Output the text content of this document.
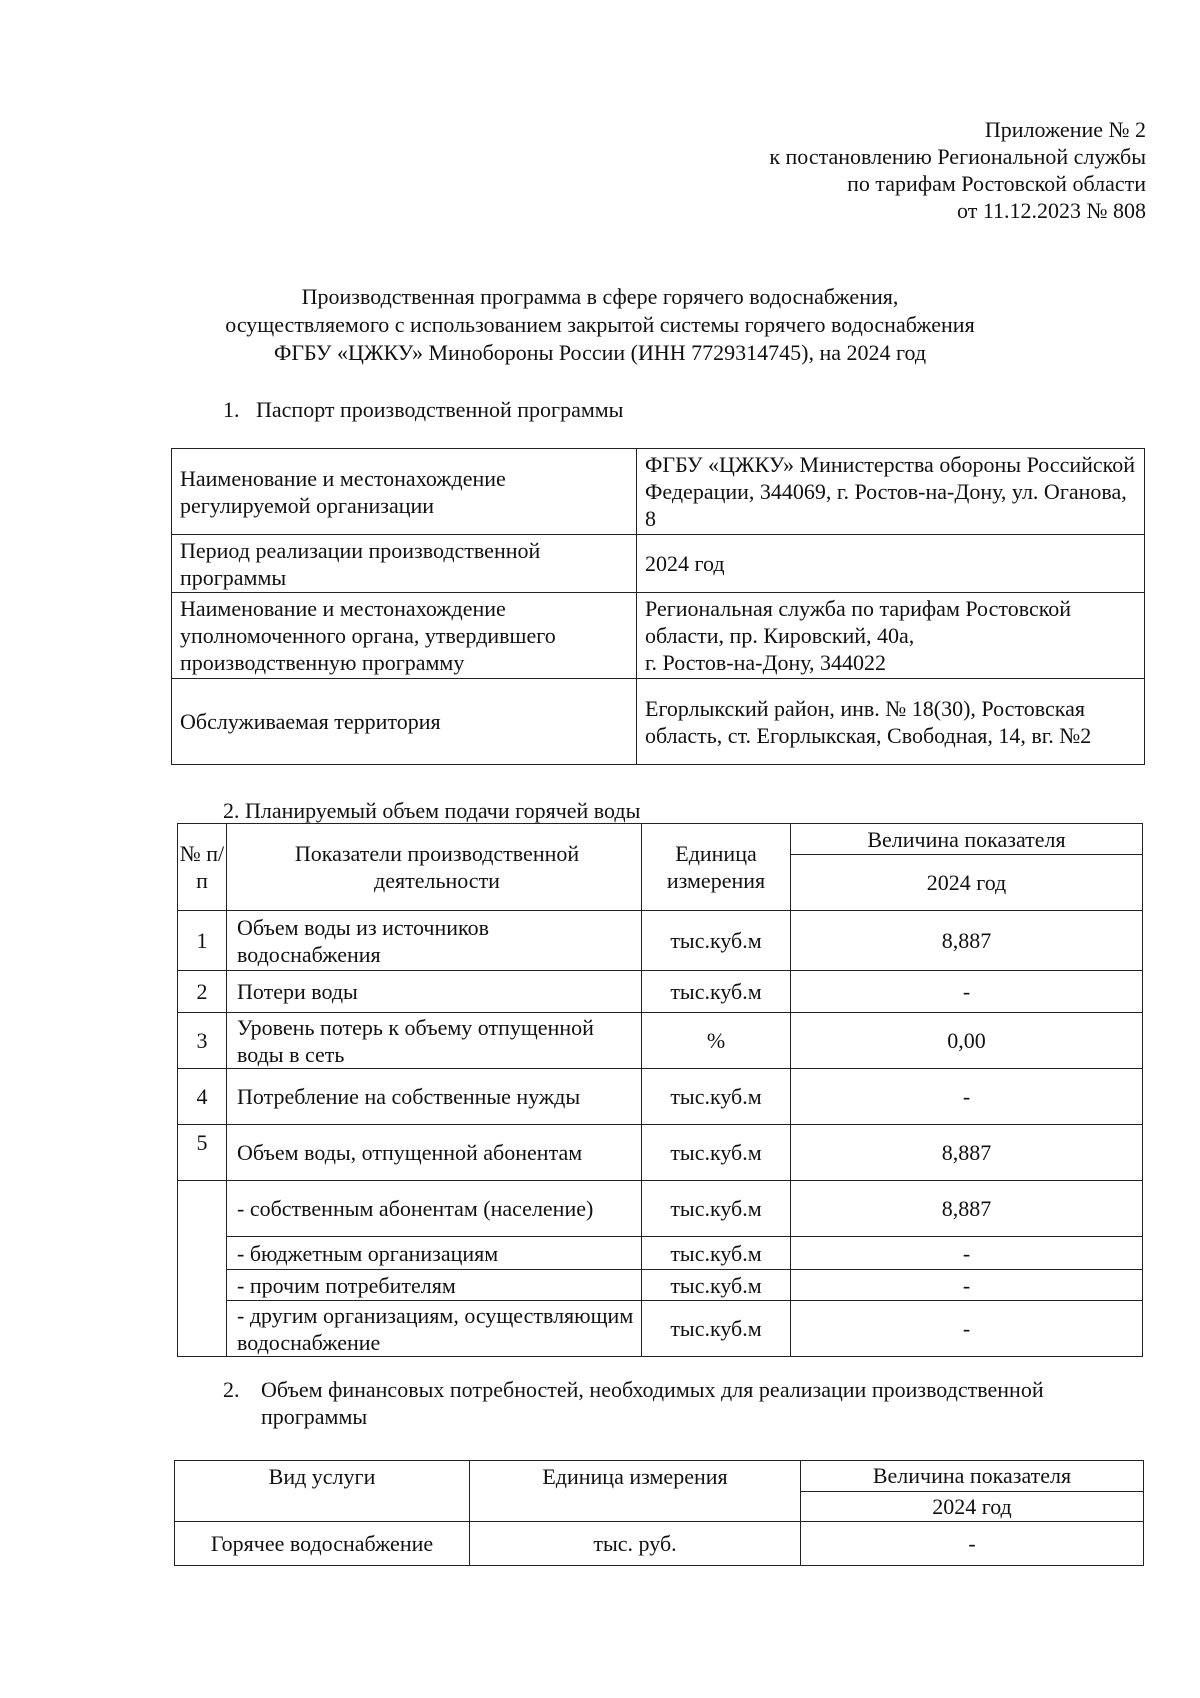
Приложение № 2
к постановлению Региональной службы
по тарифам Ростовской области
от 11.12.2023 № 808
Производственная программа в сфере горячего водоснабжения,
осуществляемого с использованием закрытой системы горячего водоснабжения
ФГБУ «ЦЖКУ» Минобороны России (ИНН 7729314745), на 2024 год
1. Паспорт производственной программы
Наименование и местонахождение регулируемой организации	ФГБУ «ЦЖКУ» Министерства обороны Российской Федерации, 344069, г. Ростов-на-Дону, ул. Оганова, 8
Период реализации производственной программы	2024 год
Наименование и местонахождение уполномоченного органа, утвердившего производственную программу	Региональная служба по тарифам Ростовской области, пр. Кировский, 40а,
г. Ростов-на-Дону, 344022
Обслуживаемая территория	Егорлыкский район, инв. № 18(30), Ростовская область, ст. Егорлыкская, Свободная, 14, вг. №2
2. Планируемый объем подачи горячей воды
№ п/п	Показатели производственной деятельности	Единица измерения	Величина показателя
			2024 год
1	Объем воды из источников водоснабжения	тыс.куб.м	8,887
2	Потери воды	тыс.куб.м	-
3	Уровень потерь к объему отпущенной воды в сеть	%	0,00
4	Потребление на собственные нужды	тыс.куб.м	-
5	Объем воды, отпущенной абонентам	тыс.куб.м	8,887
	- собственным абонентам (население)	тыс.куб.м	8,887
	- бюджетным организациям	тыс.куб.м	-
	- прочим потребителям	тыс.куб.м	-
	- другим организациям, осуществляющим водоснабжение	тыс.куб.м	-
2. Объем финансовых потребностей, необходимых для реализации производственной
программы
Вид услуги	Единица измерения	Величина показателя
		2024 год
Горячее водоснабжение	тыс. руб.	-
